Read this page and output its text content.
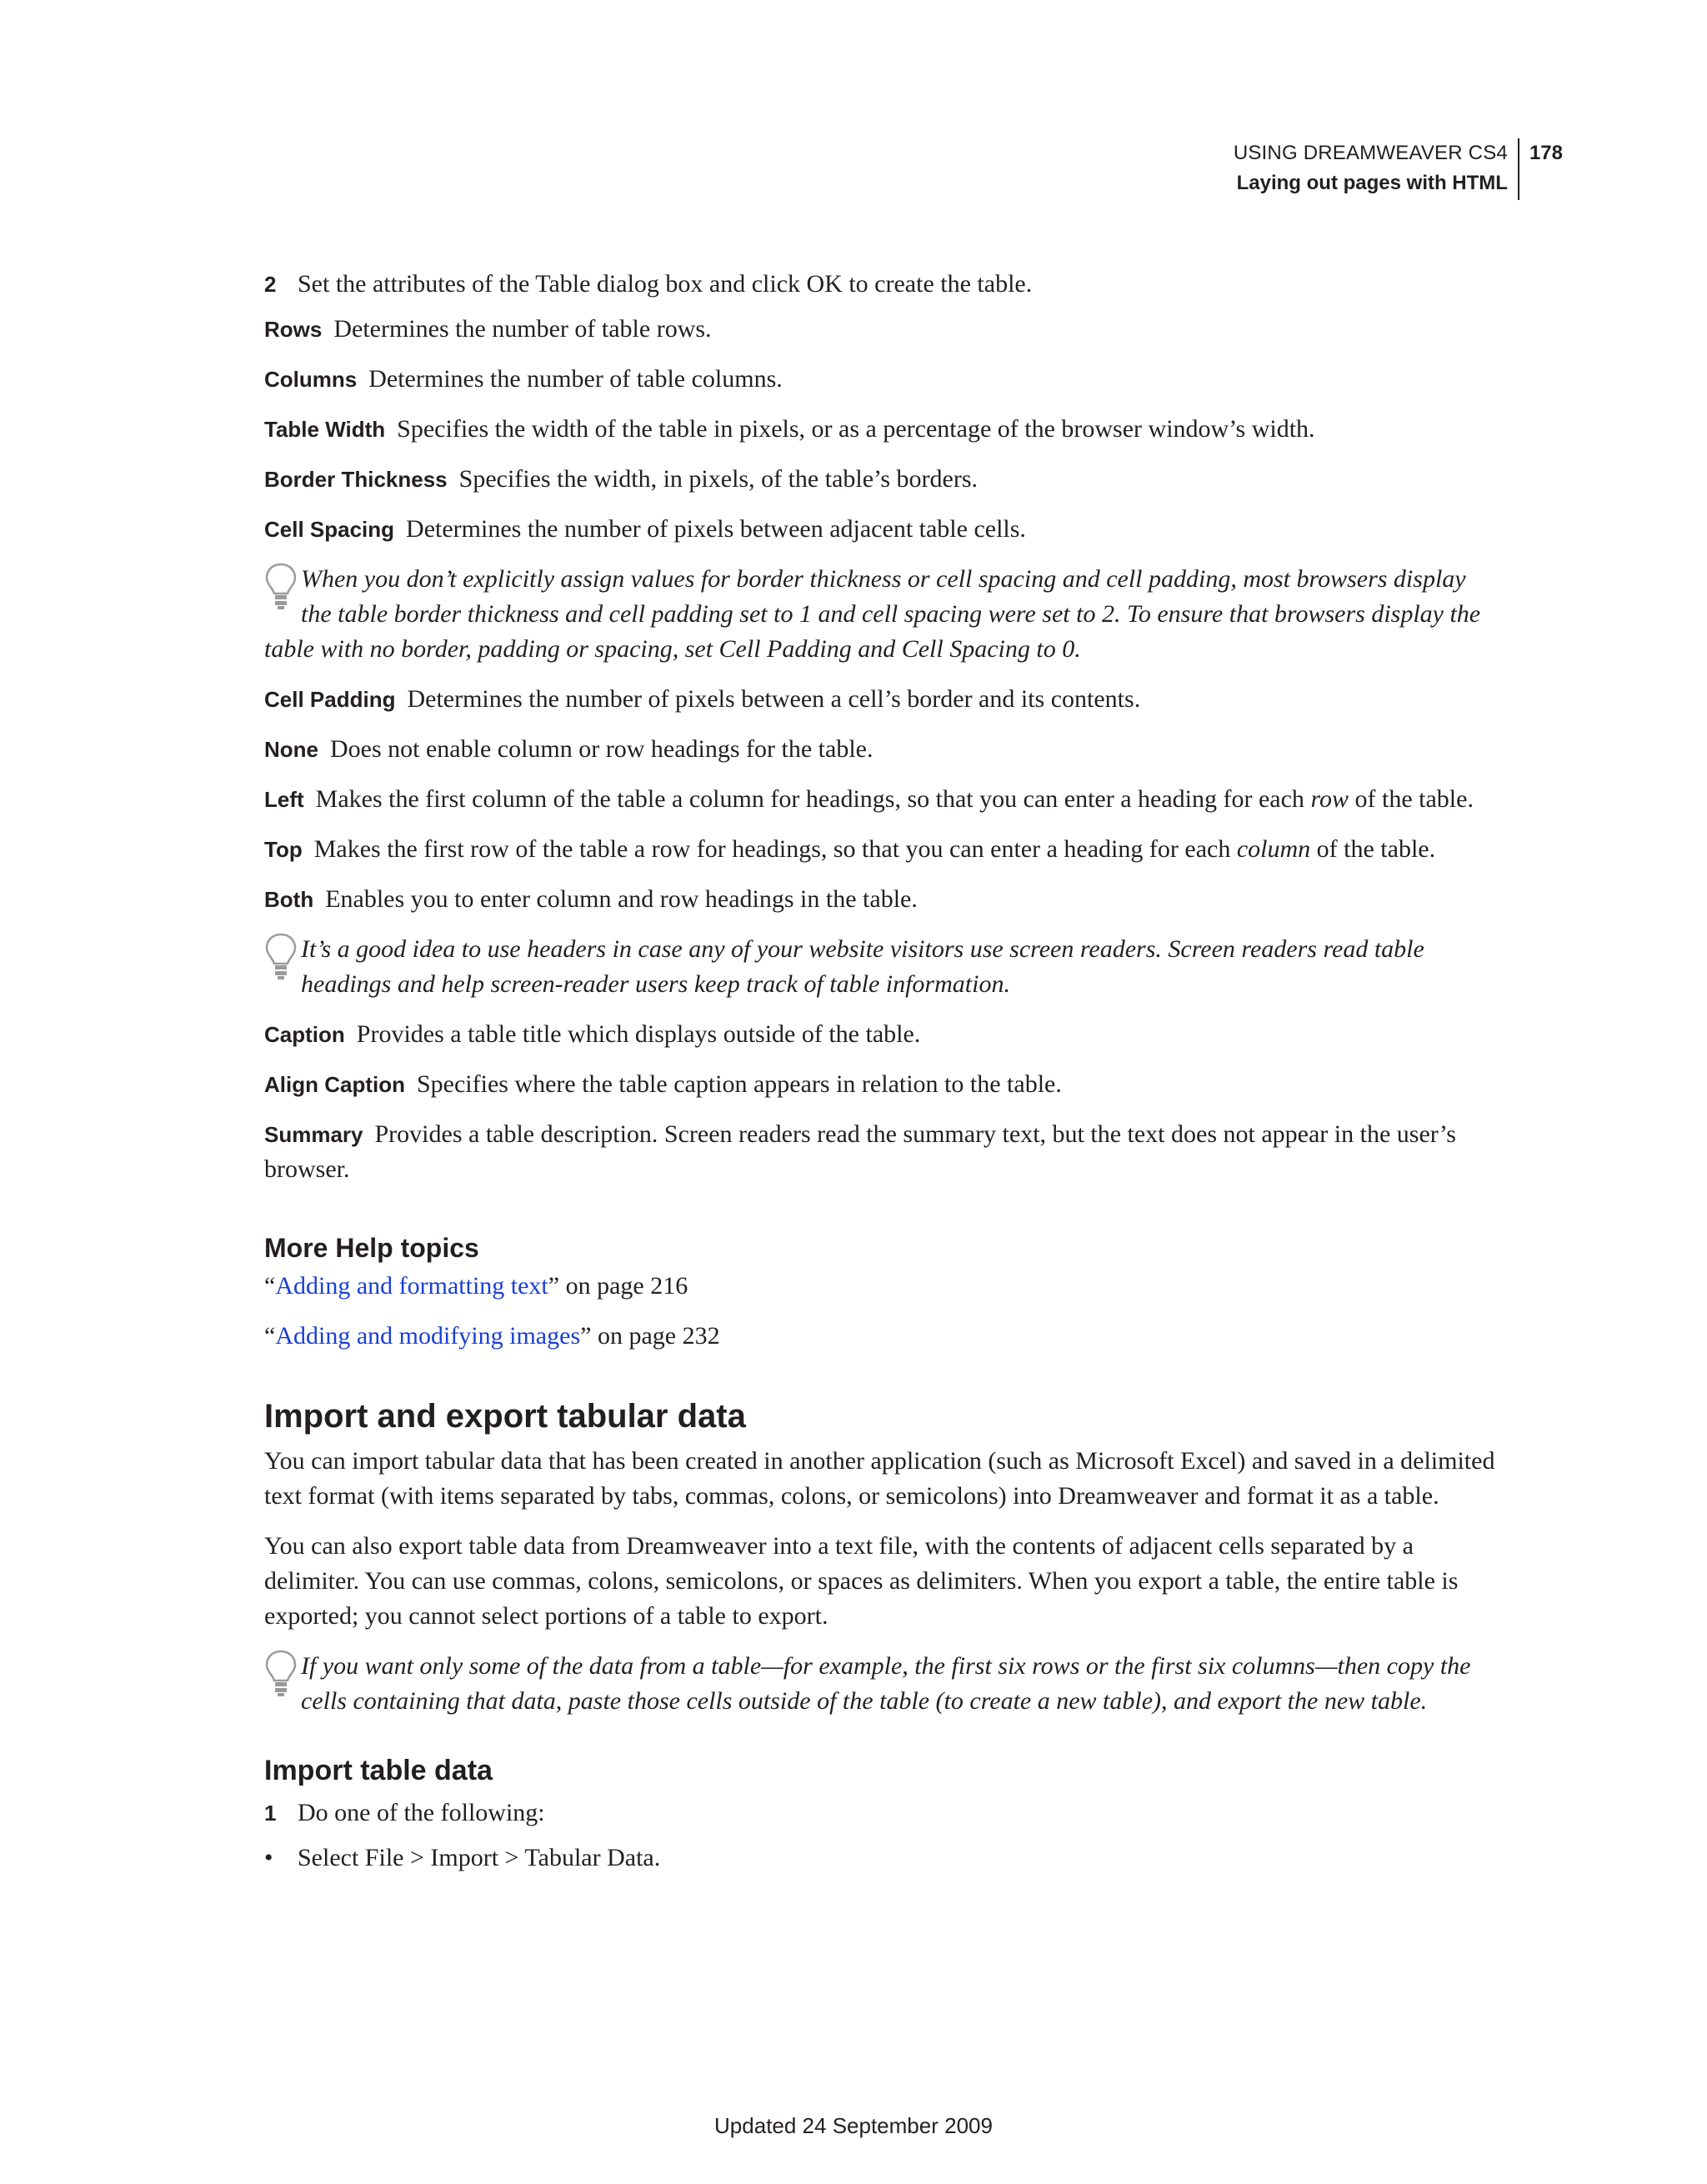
USING DREAMWEAVER CS4
Laying out pages with HTML
178

2 Set the attributes of the Table dialog box and click OK to create the table.

Rows Determines the number of table rows.

Columns Determines the number of table columns.

Table Width Specifies the width of the table in pixels, or as a percentage of the browser window’s width.

Border Thickness Specifies the width, in pixels, of the table’s borders.

Cell Spacing Determines the number of pixels between adjacent table cells.

When you don’t explicitly assign values for border thickness or cell spacing and cell padding, most browsers display the table border thickness and cell padding set to 1 and cell spacing were set to 2. To ensure that browsers display the table with no border, padding or spacing, set Cell Padding and Cell Spacing to 0.

Cell Padding Determines the number of pixels between a cell’s border and its contents.

None Does not enable column or row headings for the table.

Left Makes the first column of the table a column for headings, so that you can enter a heading for each row of the table.

Top Makes the first row of the table a row for headings, so that you can enter a heading for each column of the table.

Both Enables you to enter column and row headings in the table.

It’s a good idea to use headers in case any of your website visitors use screen readers. Screen readers read table headings and help screen-reader users keep track of table information.

Caption Provides a table title which displays outside of the table.

Align Caption Specifies where the table caption appears in relation to the table.

Summary Provides a table description. Screen readers read the summary text, but the text does not appear in the user’s browser.

More Help topics

“Adding and formatting text” on page 216

“Adding and modifying images” on page 232

Import and export tabular data

You can import tabular data that has been created in another application (such as Microsoft Excel) and saved in a delimited text format (with items separated by tabs, commas, colons, or semicolons) into Dreamweaver and format it as a table.

You can also export table data from Dreamweaver into a text file, with the contents of adjacent cells separated by a delimiter. You can use commas, colons, semicolons, or spaces as delimiters. When you export a table, the entire table is exported; you cannot select portions of a table to export.

If you want only some of the data from a table—for example, the first six rows or the first six columns—then copy the cells containing that data, paste those cells outside of the table (to create a new table), and export the new table.
Import table data

1 Do one of the following:

• Select File > Import > Tabular Data.

Updated 24 September 2009
